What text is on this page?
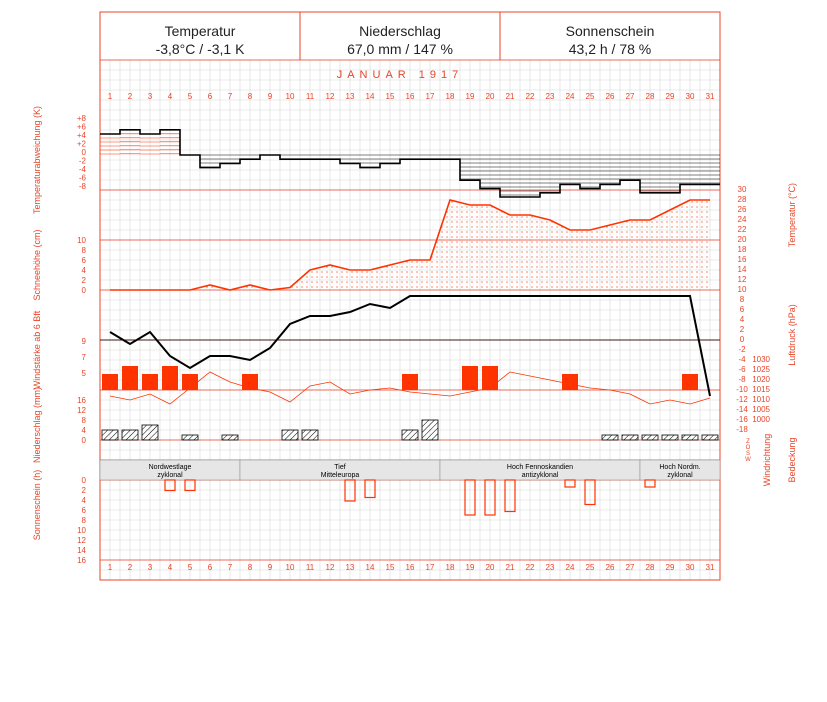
Temperatur
-3,8°C / -3,1 K
Niederschlag
67,0 mm / 147 %
Sonnenschein
43,2 h / 78 %
JANUAR 1917
1
1
2
2
3
3
4
4
5
5
6
6
7
7
8
8
9
9
10
10
11
11
12
12
13
13
14
14
15
15
16
16
17
17
18
18
19
19
20
20
21
21
22
22
23
23
24
24
25
25
26
26
27
27
28
28
29
29
30
30
31
31
+8
+6
+4
+2
0
-2
-4
-6
-8
10
8
6
4
2
0
9
7
5
16
12
8
4
0
0
2
4
6
8
10
12
14
16
30
28
26
24
22
20
18
16
14
12
10
8
6
4
2
0
-2
-4
-6
-8
-10
-12
-14
-16
-18
1030
1025
1020
1015
1010
1005
1000
Z
O
S
W
Temperaturabweichung (K)
Schneehöhe (cm)
Windstärke ab 6 Bft
Niederschlag (mm)
Sonnenschein (h)
Temperatur (°C)
Luftdruck (hPa)
Windrichtung Bedeckung
Nordwestlage
zyklonal
Tief
Mitteleuropa
Hoch Fennoskandien
antizyklonal
Hoch Nordm.
zyklonal
